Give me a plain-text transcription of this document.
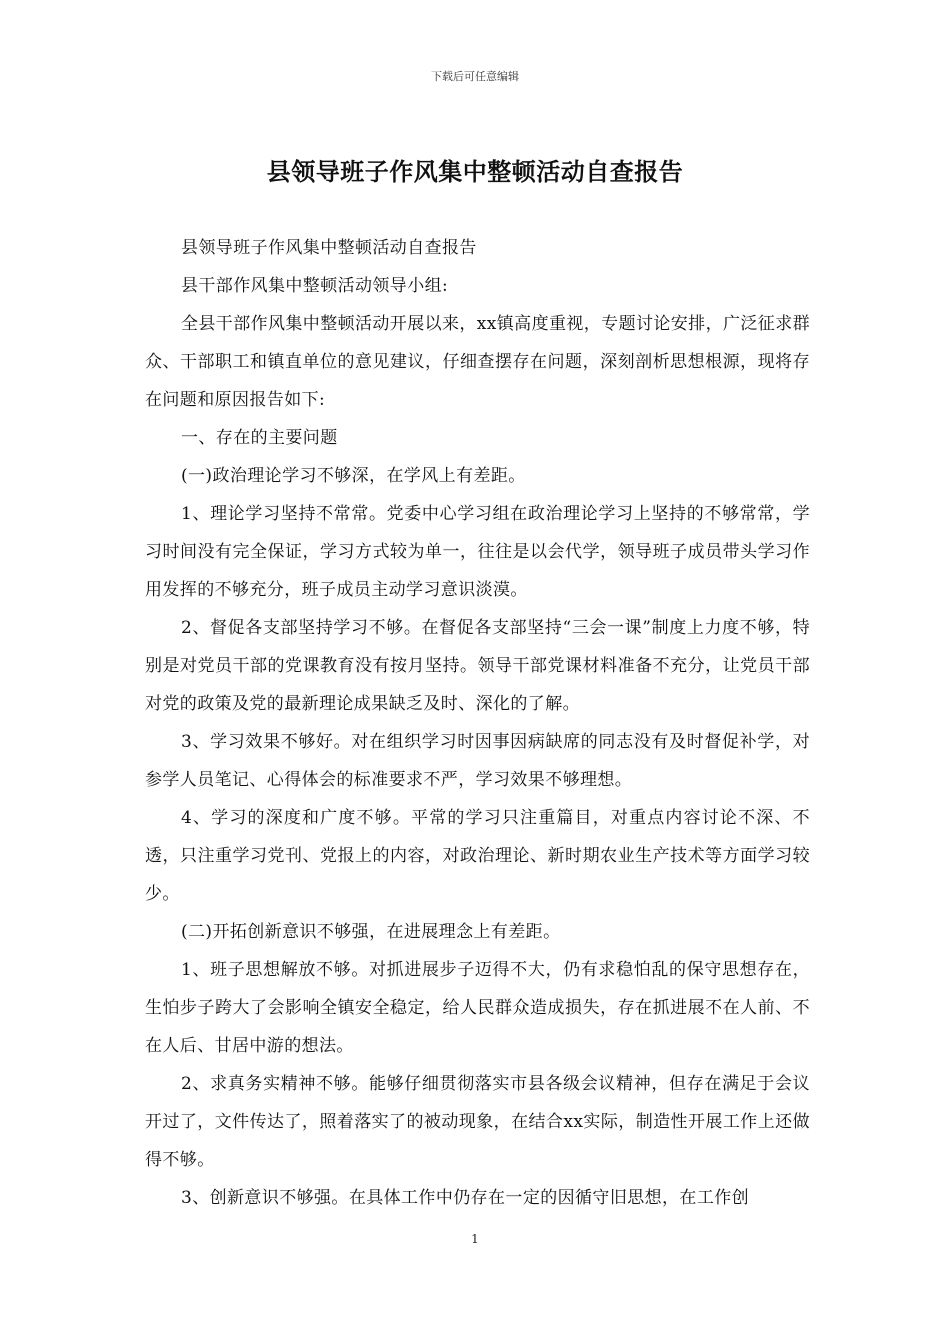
下载后可任意编辑
县领导班子作风集中整顿活动自查报告

县领导班子作风集中整顿活动自查报告

县干部作风集中整顿活动领导小组:

全县干部作风集中整顿活动开展以来，xx镇高度重视，专题讨论安排，广泛征求群众、干部职工和镇直单位的意见建议，仔细查摆存在问题，深刻剖析思想根源，现将存在问题和原因报告如下:

一、存在的主要问题

(一)政治理论学习不够深，在学风上有差距。

1、理论学习坚持不常常。党委中心学习组在政治理论学习上坚持的不够常常，学习时间没有完全保证，学习方式较为单一，往往是以会代学，领导班子成员带头学习作用发挥的不够充分，班子成员主动学习意识淡漠。

2、督促各支部坚持学习不够。在督促各支部坚持“三会一课”制度上力度不够，特别是对党员干部的党课教育没有按月坚持。领导干部党课材料准备不充分，让党员干部对党的政策及党的最新理论成果缺乏及时、深化的了解。

3、学习效果不够好。对在组织学习时因事因病缺席的同志没有及时督促补学，对参学人员笔记、心得体会的标准要求不严，学习效果不够理想。

4、学习的深度和广度不够。平常的学习只注重篇目，对重点内容讨论不深、不透，只注重学习党刊、党报上的内容，对政治理论、新时期农业生产技术等方面学习较少。

(二)开拓创新意识不够强，在进展理念上有差距。

1、班子思想解放不够。对抓进展步子迈得不大，仍有求稳怕乱的保守思想存在，生怕步子跨大了会影响全镇安全稳定，给人民群众造成损失，存在抓进展不在人前、不在人后、甘居中游的想法。

2、求真务实精神不够。能够仔细贯彻落实市县各级会议精神，但存在满足于会议开过了，文件传达了，照着落实了的被动现象，在结合xx实际，制造性开展工作上还做得不够。

3、创新意识不够强。在具体工作中仍存在一定的因循守旧思想，在工作创

1
